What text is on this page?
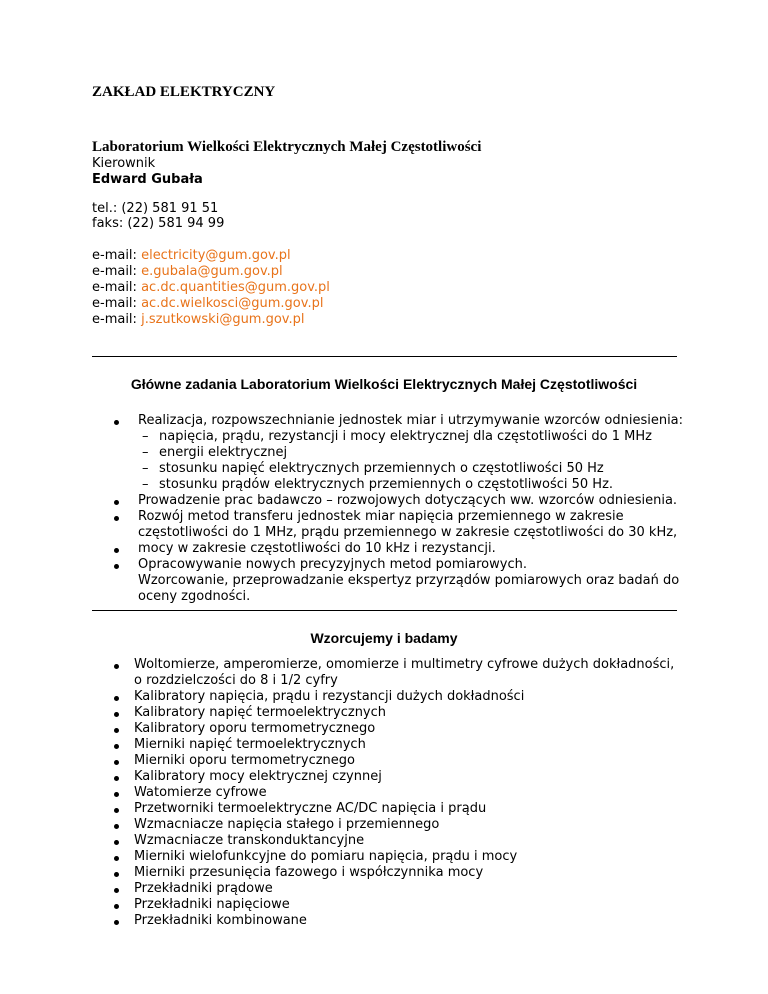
ZAKŁAD ELEKTRYCZNY
Laboratorium Wielkości Elektrycznych Małej Częstotliwości
Kierownik
Edward Gubała
tel.: (22) 581 91 51
faks: (22) 581 94 99
e-mail: electricity@gum.gov.pl
e-mail: e.gubala@gum.gov.pl
e-mail: ac.dc.quantities@gum.gov.pl
e-mail: ac.dc.wielkosci@gum.gov.pl
e-mail: j.szutkowski@gum.gov.pl
Główne zadania Laboratorium Wielkości Elektrycznych Małej Częstotliwości
Realizacja, rozpowszechnianie jednostek miar i utrzymywanie wzorców odniesienia:
– napięcia, prądu, rezystancji i mocy elektrycznej dla częstotliwości do 1 MHz
– energii elektrycznej
– stosunku napięć elektrycznych przemiennych o częstotliwości 50 Hz
– stosunku prądów elektrycznych przemiennych o częstotliwości 50 Hz.
Prowadzenie prac badawczo – rozwojowych dotyczących ww. wzorców odniesienia.
Rozwój metod transferu jednostek miar napięcia przemiennego w zakresie
częstotliwości do 1 MHz, prądu przemiennego w zakresie częstotliwości do 30 kHz,
mocy w zakresie częstotliwości do 10 kHz i rezystancji.
Opracowywanie nowych precyzyjnych metod pomiarowych.
Wzorcowanie, przeprowadzanie ekspertyz przyrządów pomiarowych oraz badań do
oceny zgodności.
Wzorcujemy i badamy
Woltomierze, amperomierze, omomierze i multimetry cyfrowe dużych dokładności,
o rozdzielczości do 8 i 1/2 cyfry
Kalibratory napięcia, prądu i rezystancji dużych dokładności
Kalibratory napięć termoelektrycznych
Kalibratory oporu termometrycznego
Mierniki napięć termoelektrycznych
Mierniki oporu termometrycznego
Kalibratory mocy elektrycznej czynnej
Watomierze cyfrowe
Przetworniki termoelektryczne AC/DC napięcia i prądu
Wzmacniacze napięcia stałego i przemiennego
Wzmacniacze transkonduktancyjne
Mierniki wielofunkcyjne do pomiaru napięcia, prądu i mocy
Mierniki przesunięcia fazowego i współczynnika mocy
Przekładniki prądowe
Przekładniki napięciowe
Przekładniki kombinowane
